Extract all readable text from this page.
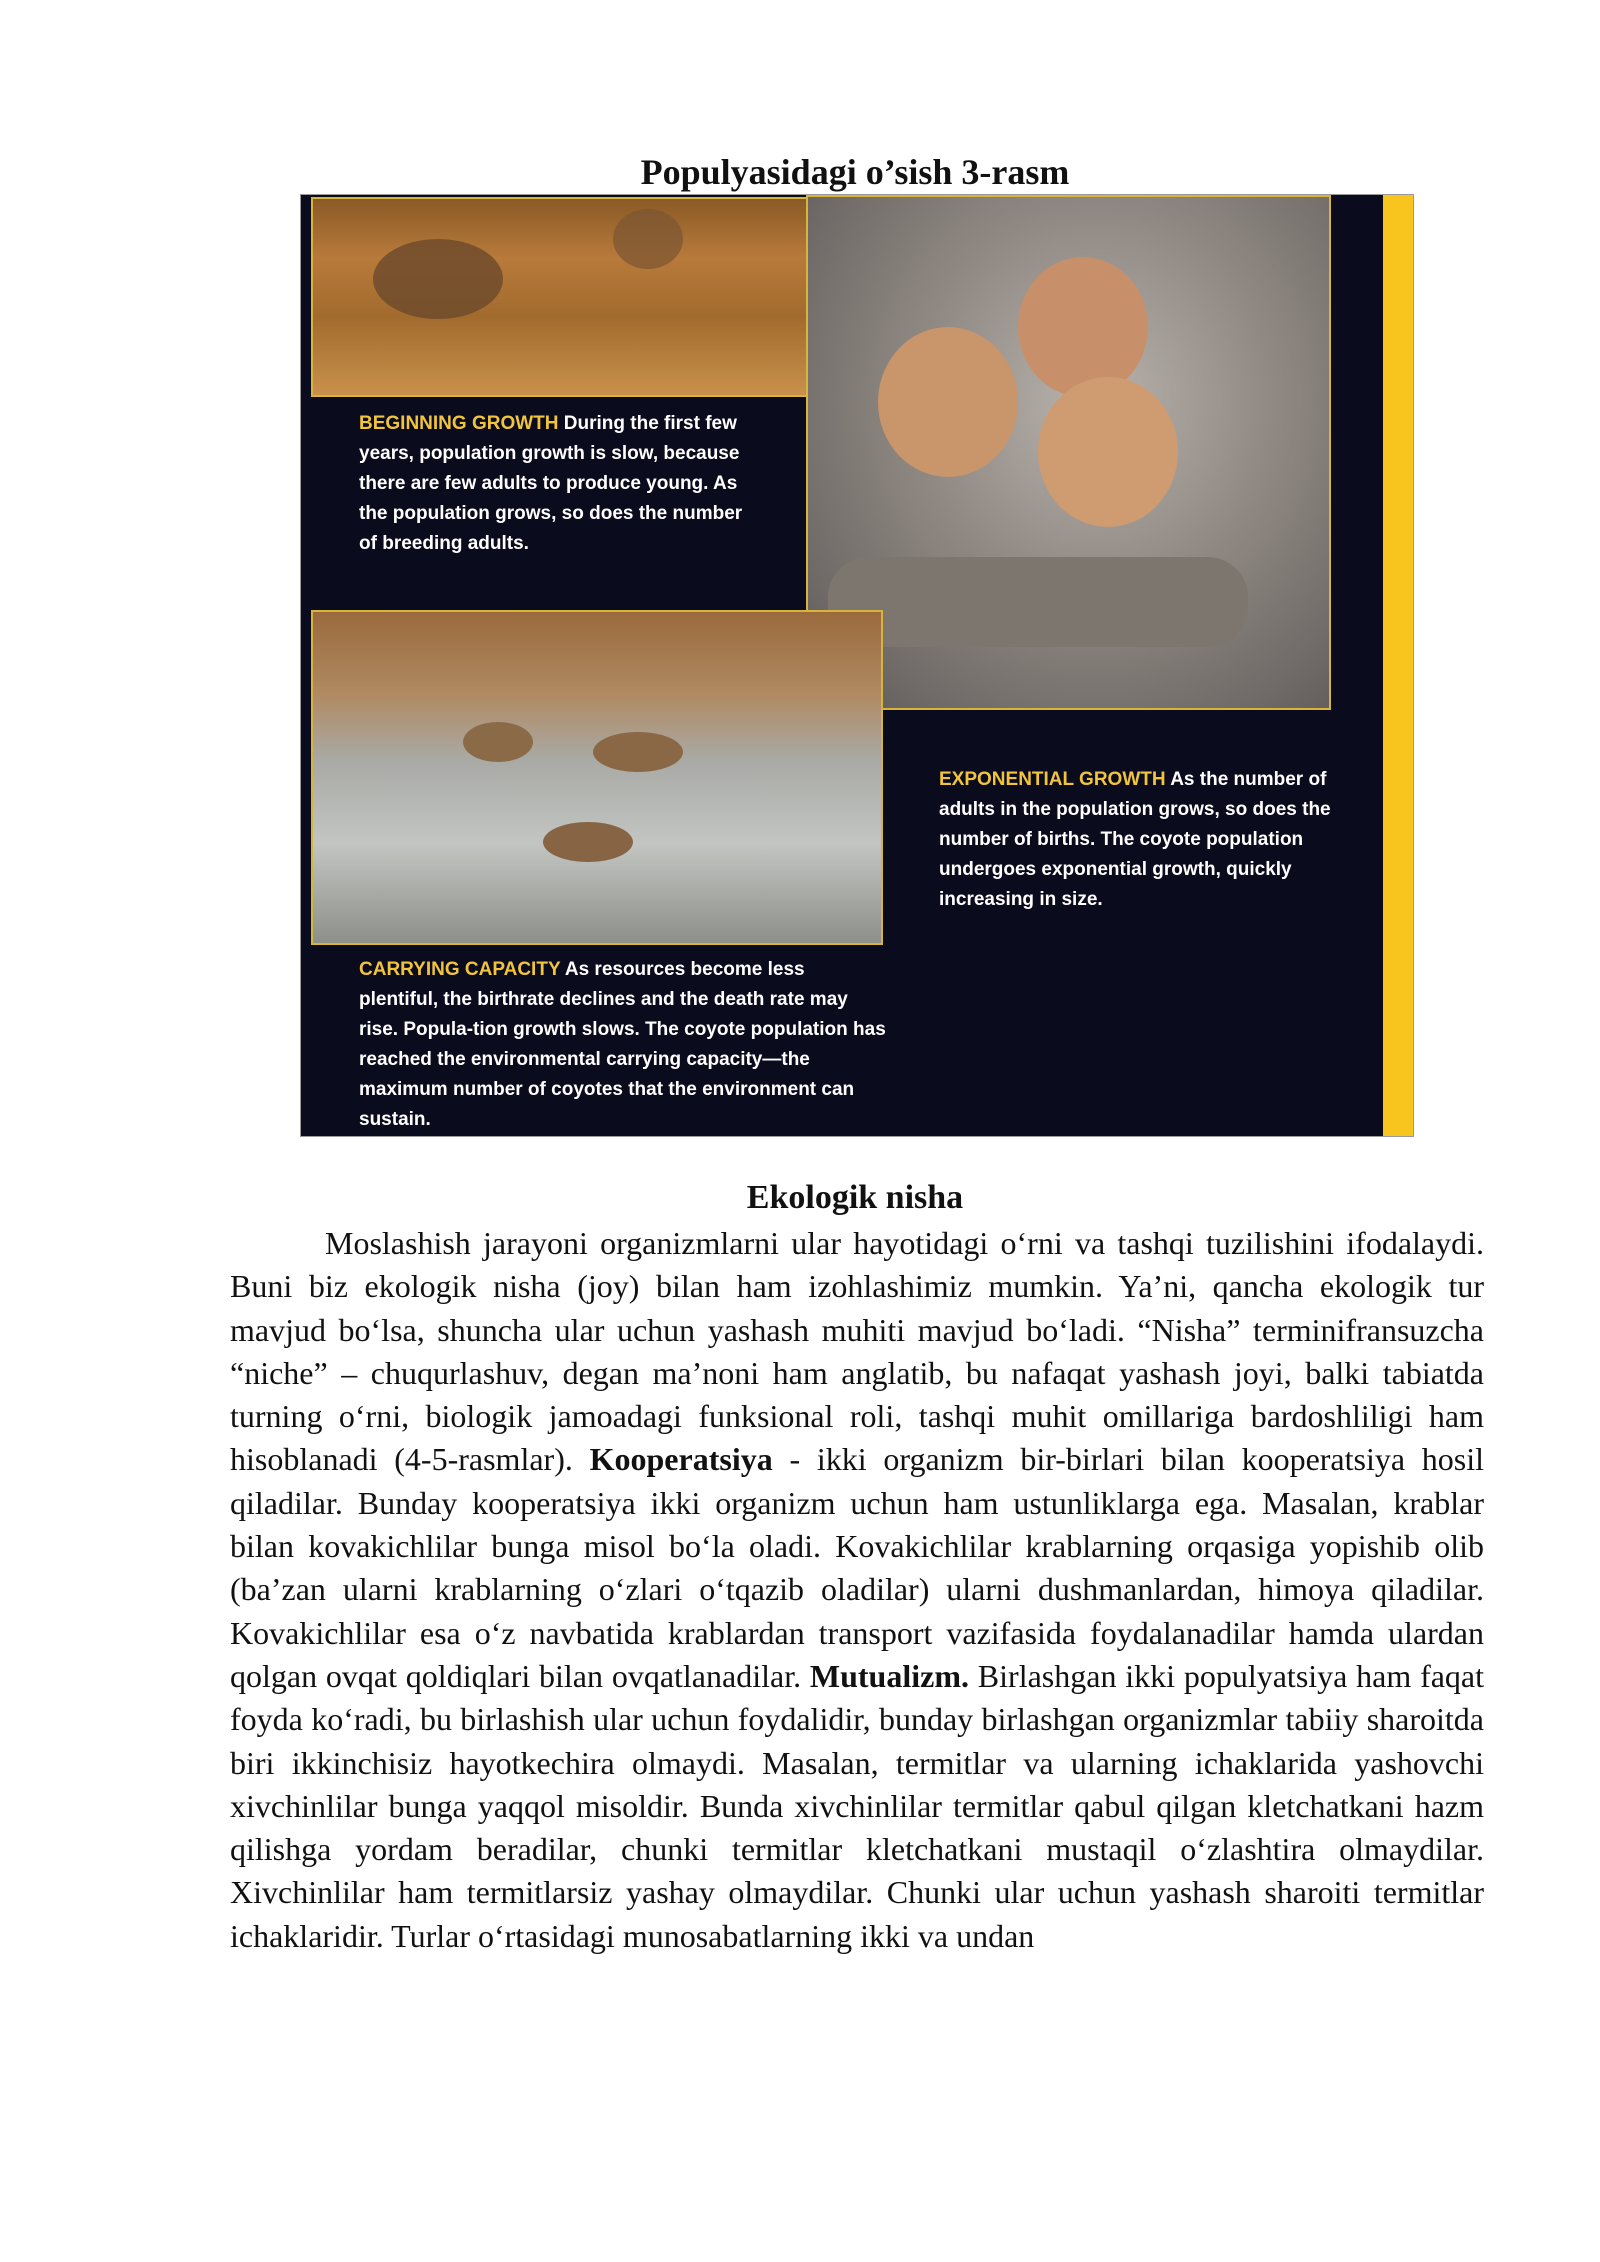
Populyasidagi o’sish 3-rasm
BEGINNING GROWTH During the first few years, population growth is slow, because there are few adults to produce young. As the population grows, so does the number of breeding adults.
EXPONENTIAL GROWTH As the number of adults in the population grows, so does the number of births. The coyote population undergoes exponential growth, quickly increasing in size.
CARRYING CAPACITY As resources become less plentiful, the birthrate declines and the death rate may rise. Popula-tion growth slows. The coyote population has reached the environmental carrying capacity—the maximum number of coyotes that the environment can sustain.
Ekologik nisha
Moslashish jarayoni organizmlarni ular hayotidagi o‘rni va tashqi tuzilishini ifodalaydi. Buni biz ekologik nisha (joy) bilan ham izohlashimiz mumkin. Ya’ni, qancha ekologik tur mavjud bo‘lsa, shuncha ular uchun yashash muhiti mavjud bo‘ladi. “Nisha” terminifransuzcha “niche” – chuqurlashuv, degan ma’noni ham anglatib, bu nafaqat yashash joyi, balki tabiatda turning o‘rni, biologik jamoadagi funksional roli, tashqi muhit omillariga bardoshliligi ham hisoblanadi (4-5-rasmlar). Kooperatsiya - ikki organizm bir-birlari bilan kooperatsiya hosil qiladilar. Bunday kooperatsiya ikki organizm uchun ham ustunliklarga ega. Masalan, krablar bilan kovakichlilar bunga misol bo‘la oladi. Kovakichlilar krablarning orqasiga yopishib olib (ba’zan ularni krablarning o‘zlari o‘tqazib oladilar) ularni dushmanlardan, himoya qiladilar. Kovakichlilar esa o‘z navbatida krablardan transport vazifasida foydalanadilar hamda ulardan qolgan ovqat qoldiqlari bilan ovqatlanadilar. Mutualizm. Birlashgan ikki populyatsiya ham faqat foyda ko‘radi, bu birlashish ular uchun foydalidir, bunday birlashgan organizmlar tabiiy sharoitda biri ikkinchisiz hayotkechira olmaydi. Masalan, termitlar va ularning ichaklarida yashovchi xivchinlilar bunga yaqqol misoldir. Bunda xivchinlilar termitlar qabul qilgan kletchatkani hazm qilishga yordam beradilar, chunki termitlar kletchatkani mustaqil o‘zlashtira olmaydilar. Xivchinlilar ham termitlarsiz yashay olmaydilar. Chunki ular uchun yashash sharoiti termitlar ichaklaridir. Turlar o‘rtasidagi munosabatlarning ikki va undan
